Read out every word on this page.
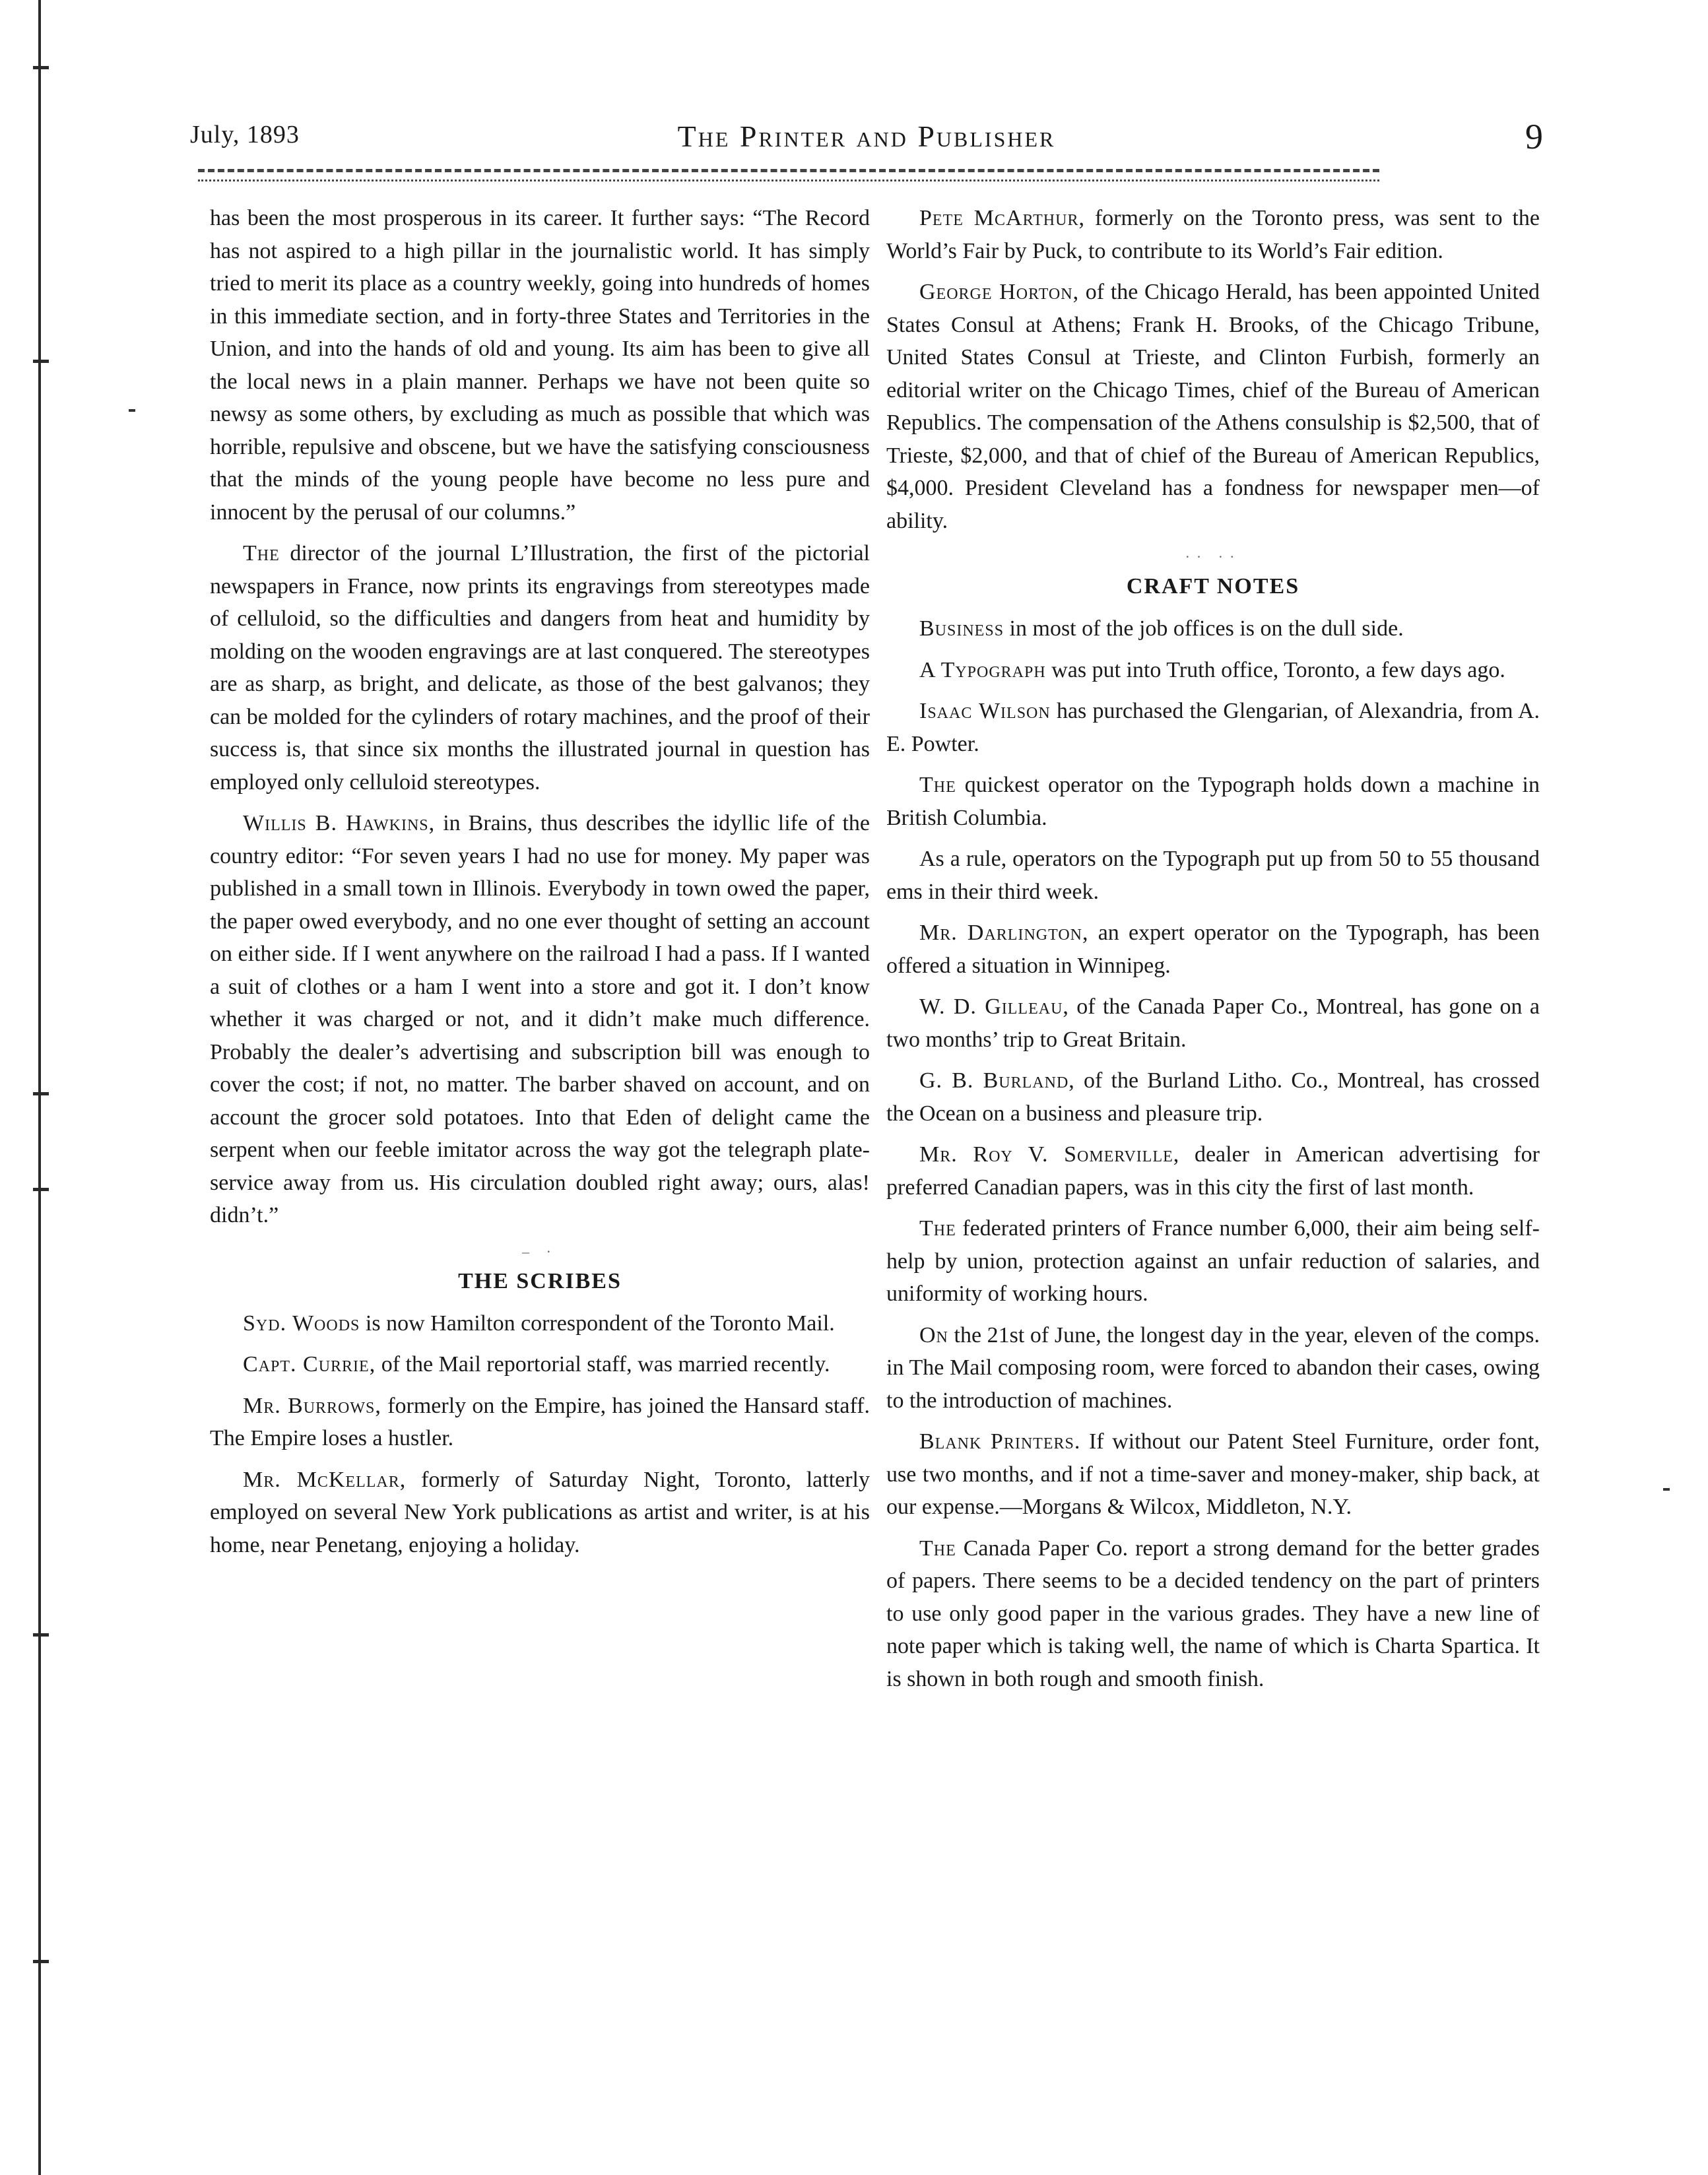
July, 1893	The Printer and Publisher	9

has been the most prosperous in its career. It further says: “The Record has not aspired to a high pillar in the journalistic world. It has simply tried to merit its place as a country weekly, going into hundreds of homes in this immediate section, and in forty-three States and Territories in the Union, and into the hands of old and young. Its aim has been to give all the local news in a plain manner. Perhaps we have not been quite so newsy as some others, by excluding as much as possible that which was horrible, repulsive and obscene, but we have the satisfying consciousness that the minds of the young people have become no less pure and innocent by the perusal of our columns.”

The director of the journal L’Illustration, the first of the pictorial newspapers in France, now prints its engravings from stereotypes made of celluloid, so the difficulties and dangers from heat and humidity by molding on the wooden engravings are at last conquered. The stereotypes are as sharp, as bright, and delicate, as those of the best galvanos; they can be molded for the cylinders of rotary machines, and the proof of their success is, that since six months the illustrated journal in question has employed only celluloid stereotypes.

Willis B. Hawkins, in Brains, thus describes the idyllic life of the country editor: “For seven years I had no use for money. My paper was published in a small town in Illinois. Everybody in town owed the paper, the paper owed everybody, and no one ever thought of setting an account on either side. If I went anywhere on the railroad I had a pass. If I wanted a suit of clothes or a ham I went into a store and got it. I don’t know whether it was charged or not, and it didn’t make much difference. Probably the dealer’s advertising and subscription bill was enough to cover the cost; if not, no matter. The barber shaved on account, and on account the grocer sold potatoes. Into that Eden of delight came the serpent when our feeble imitator across the way got the telegraph plate-service away from us. His circulation doubled right away; ours, alas! didn’t.”

– ·
THE SCRIBES

Syd. Woods is now Hamilton correspondent of the Toronto Mail.

Capt. Currie, of the Mail reportorial staff, was married recently.

Mr. Burrows, formerly on the Empire, has joined the Hansard staff. The Empire loses a hustler.

Mr. McKellar, formerly of Saturday Night, Toronto, latterly employed on several New York publications as artist and writer, is at his home, near Penetang, enjoying a holiday.

Pete McArthur, formerly on the Toronto press, was sent to the World’s Fair by Puck, to contribute to its World’s Fair edition.

George Horton, of the Chicago Herald, has been appointed United States Consul at Athens; Frank H. Brooks, of the Chicago Tribune, United States Consul at Trieste, and Clinton Furbish, formerly an editorial writer on the Chicago Times, chief of the Bureau of American Republics. The compensation of the Athens consulship is $2,500, that of Trieste, $2,000, and that of chief of the Bureau of American Republics, $4,000. President Cleveland has a fondness for newspaper men—of ability.

·· ··
CRAFT NOTES

Business in most of the job offices is on the dull side.

A Typograph was put into Truth office, Toronto, a few days ago.

Isaac Wilson has purchased the Glengarian, of Alexandria, from A. E. Powter.

The quickest operator on the Typograph holds down a machine in British Columbia.

As a rule, operators on the Typograph put up from 50 to 55 thousand ems in their third week.

Mr. Darlington, an expert operator on the Typograph, has been offered a situation in Winnipeg.

W. D. Gilleau, of the Canada Paper Co., Montreal, has gone on a two months’ trip to Great Britain.

G. B. Burland, of the Burland Litho. Co., Montreal, has crossed the Ocean on a business and pleasure trip.

Mr. Roy V. Somerville, dealer in American advertising for preferred Canadian papers, was in this city the first of last month.

The federated printers of France number 6,000, their aim being self-help by union, protection against an unfair reduction of salaries, and uniformity of working hours.

On the 21st of June, the longest day in the year, eleven of the comps. in The Mail composing room, were forced to abandon their cases, owing to the introduction of machines.

Blank Printers. If without our Patent Steel Furniture, order font, use two months, and if not a time-saver and money-maker, ship back, at our expense.—Morgans & Wilcox, Middleton, N.Y.

The Canada Paper Co. report a strong demand for the better grades of papers. There seems to be a decided tendency on the part of printers to use only good paper in the various grades. They have a new line of note paper which is taking well, the name of which is Charta Spartica. It is shown in both rough and smooth finish.
